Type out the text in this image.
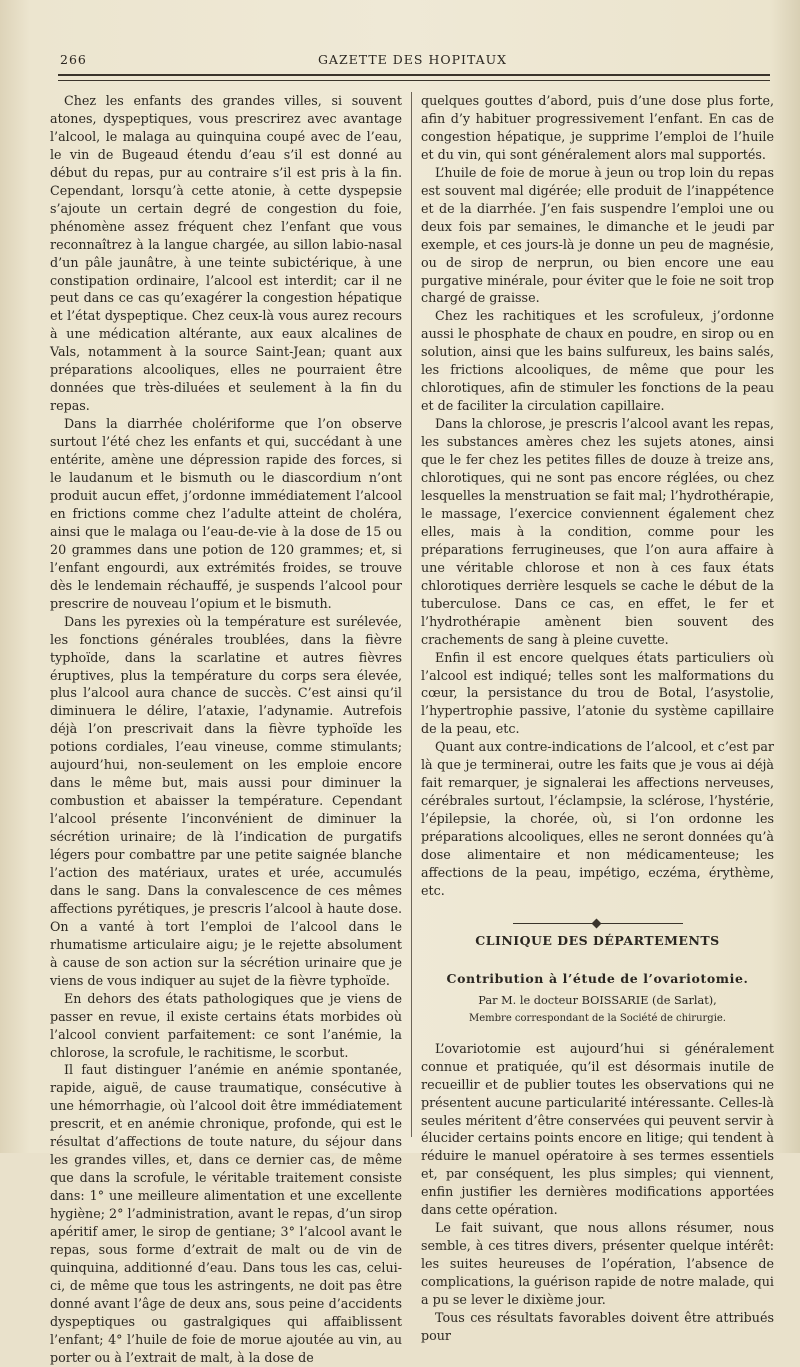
266	GAZETTE DES HOPITAUX

Chez les enfants des grandes villes, si souvent atones, dyspeptiques, vous prescrirez avec avantage l’alcool, le malaga au quinquina coupé avec de l’eau, le vin de Bugeaud étendu d’eau s’il est donné au début du repas, pur au contraire s’il est pris à la fin. Cependant, lorsqu’à cette atonie, à cette dyspepsie s’ajoute un certain degré de congestion du foie, phénomène assez fréquent chez l’enfant que vous reconnaîtrez à la langue chargée, au sillon labio-nasal d’un pâle jaunâtre, à une teinte subictérique, à une constipation ordinaire, l’alcool est interdit; car il ne peut dans ce cas qu’exagérer la congestion hépatique et l’état dyspeptique. Chez ceux-là vous aurez recours à une médication altérante, aux eaux alcalines de Vals, notamment à la source Saint-Jean; quant aux préparations alcooliques, elles ne pourraient être données que très-diluées et seulement à la fin du repas.

Dans la diarrhée cholériforme que l’on observe surtout l’été chez les enfants et qui, succédant à une entérite, amène une dépression rapide des forces, si le laudanum et le bismuth ou le diascordium n’ont produit aucun effet, j’ordonne immédiatement l’alcool en frictions comme chez l’adulte atteint de choléra, ainsi que le malaga ou l’eau-de-vie à la dose de 15 ou 20 grammes dans une potion de 120 grammes; et, si l’enfant engourdi, aux extrémités froides, se trouve dès le lendemain réchauffé, je suspends l’alcool pour prescrire de nouveau l’opium et le bismuth.

Dans les pyrexies où la température est surélevée, les fonctions générales troublées, dans la fièvre typhoïde, dans la scarlatine et autres fièvres éruptives, plus la température du corps sera élevée, plus l’alcool aura chance de succès. C’est ainsi qu’il diminuera le délire, l’ataxie, l’adynamie. Autrefois déjà l’on prescrivait dans la fièvre typhoïde les potions cordiales, l’eau vineuse, comme stimulants; aujourd’hui, non-seulement on les emploie encore dans le même but, mais aussi pour diminuer la combustion et abaisser la température. Cependant l’alcool présente l’inconvénient de diminuer la sécrétion urinaire; de là l’indication de purgatifs légers pour combattre par une petite saignée blanche l’action des matériaux, urates et urée, accumulés dans le sang. Dans la convalescence de ces mêmes affections pyrétiques, je prescris l’alcool à haute dose. On a vanté à tort l’emploi de l’alcool dans le rhumatisme articulaire aigu; je le rejette absolument à cause de son action sur la sécrétion urinaire que je viens de vous indiquer au sujet de la fièvre typhoïde.

En dehors des états pathologiques que je viens de passer en revue, il existe certains états morbides où l’alcool convient parfaitement: ce sont l’anémie, la chlorose, la scrofule, le rachitisme, le scorbut.

Il faut distinguer l’anémie en anémie spontanée, rapide, aiguë, de cause traumatique, consécutive à une hémorrhagie, où l’alcool doit être immédiatement prescrit, et en anémie chronique, profonde, qui est le résultat d’affections de toute nature, du séjour dans les grandes villes, et, dans ce dernier cas, de même que dans la scrofule, le véritable traitement consiste dans: 1° une meilleure alimentation et une excellente hygiène; 2° l’administration, avant le repas, d’un sirop apéritif amer, le sirop de gentiane; 3° l’alcool avant le repas, sous forme d’extrait de malt ou de vin de quinquina, additionné d’eau. Dans tous les cas, celui-ci, de même que tous les astringents, ne doit pas être donné avant l’âge de deux ans, sous peine d’accidents dyspeptiques ou gastralgiques qui affaiblissent l’enfant; 4° l’huile de foie de morue ajoutée au vin, au porter ou à l’extrait de malt, à la dose de

quelques gouttes d’abord, puis d’une dose plus forte, afin d’y habituer progressivement l’enfant. En cas de congestion hépatique, je supprime l’emploi de l’huile et du vin, qui sont généralement alors mal supportés.

L’huile de foie de morue à jeun ou trop loin du repas est souvent mal digérée; elle produit de l’inappétence et de la diarrhée. J’en fais suspendre l’emploi une ou deux fois par semaines, le dimanche et le jeudi par exemple, et ces jours-là je donne un peu de magnésie, ou de sirop de nerprun, ou bien encore une eau purgative minérale, pour éviter que le foie ne soit trop chargé de graisse.

Chez les rachitiques et les scrofuleux, j’ordonne aussi le phosphate de chaux en poudre, en sirop ou en solution, ainsi que les bains sulfureux, les bains salés, les frictions alcooliques, de même que pour les chlorotiques, afin de stimuler les fonctions de la peau et de faciliter la circulation capillaire.

Dans la chlorose, je prescris l’alcool avant les repas, les substances amères chez les sujets atones, ainsi que le fer chez les petites filles de douze à treize ans, chlorotiques, qui ne sont pas encore réglées, ou chez lesquelles la menstruation se fait mal; l’hydrothérapie, le massage, l’exercice conviennent également chez elles, mais à la condition, comme pour les préparations ferrugineuses, que l’on aura affaire à une véritable chlorose et non à ces faux états chlorotiques derrière lesquels se cache le début de la tuberculose. Dans ce cas, en effet, le fer et l’hydrothérapie amènent bien souvent des crachements de sang à pleine cuvette.

Enfin il est encore quelques états particuliers où l’alcool est indiqué; telles sont les malformations du cœur, la persistance du trou de Botal, l’asystolie, l’hypertrophie passive, l’atonie du système capillaire de la peau, etc.

Quant aux contre-indications de l’alcool, et c’est par là que je terminerai, outre les faits que je vous ai déjà fait remarquer, je signalerai les affections nerveuses, cérébrales surtout, l’éclampsie, la sclérose, l’hystérie, l’épilepsie, la chorée, où, si l’on ordonne les préparations alcooliques, elles ne seront données qu’à dose alimentaire et non médicamenteuse; les affections de la peau, impétigo, eczéma, érythème, etc.

CLINIQUE DES DÉPARTEMENTS
Contribution à l’étude de l’ovariotomie.
Par M. le docteur BOISSARIE (de Sarlat),
Membre correspondant de la Société de chirurgie.

L’ovariotomie est aujourd’hui si généralement connue et pratiquée, qu’il est désormais inutile de recueillir et de publier toutes les observations qui ne présentent aucune particularité intéressante. Celles-là seules méritent d’être conservées qui peuvent servir à élucider certains points encore en litige; qui tendent à réduire le manuel opératoire à ses termes essentiels et, par conséquent, les plus simples; qui viennent, enfin justifier les dernières modifications apportées dans cette opération.

Le fait suivant, que nous allons résumer, nous semble, à ces titres divers, présenter quelque intérêt: les suites heureuses de l’opération, l’absence de complications, la guérison rapide de notre malade, qui a pu se lever le dixième jour.

Tous ces résultats favorables doivent être attribués pour
